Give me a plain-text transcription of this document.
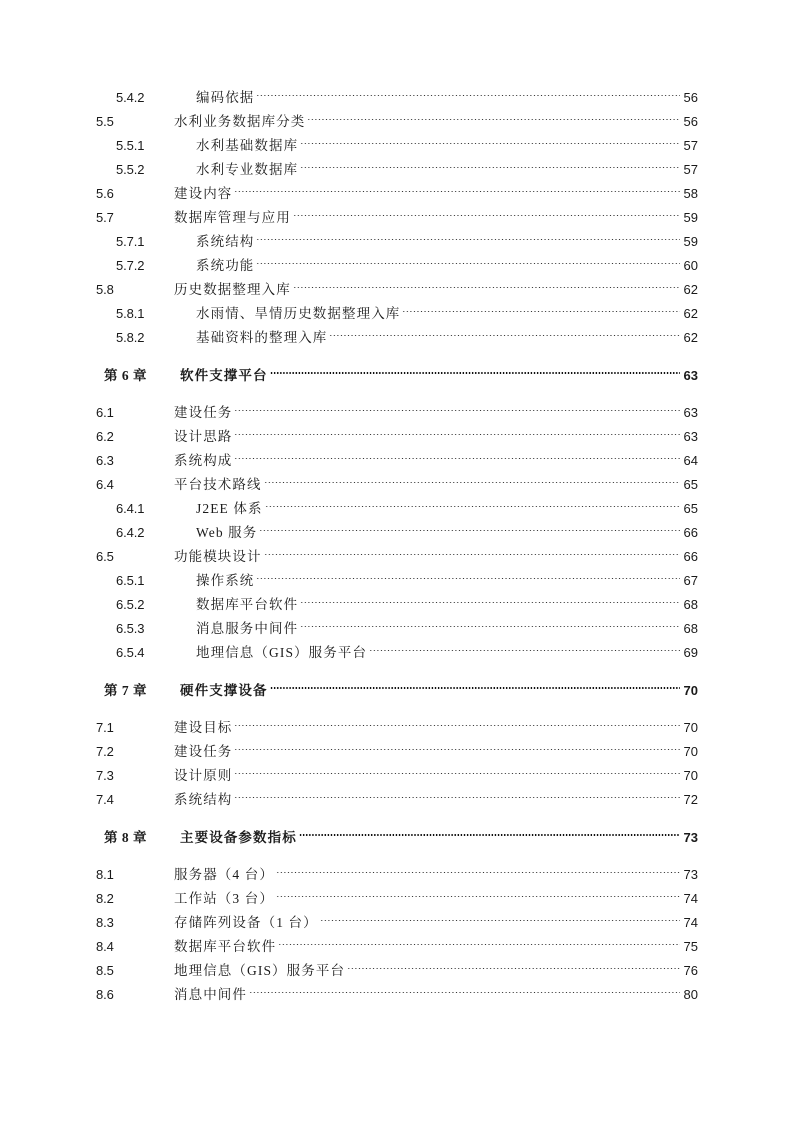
5.4.2	编码依据	56
5.5	水利业务数据库分类	56
5.5.1	水利基础数据库	57
5.5.2	水利专业数据库	57
5.6	建设内容	58
5.7	数据库管理与应用	59
5.7.1	系统结构	59
5.7.2	系统功能	60
5.8	历史数据整理入库	62
5.8.1	水雨情、旱情历史数据整理入库	62
5.8.2	基础资料的整理入库	62
第 6 章	软件支撑平台	63
6.1	建设任务	63
6.2	设计思路	63
6.3	系统构成	64
6.4	平台技术路线	65
6.4.1	J2EE 体系	65
6.4.2	Web 服务	66
6.5	功能模块设计	66
6.5.1	操作系统	67
6.5.2	数据库平台软件	68
6.5.3	消息服务中间件	68
6.5.4	地理信息（GIS）服务平台	69
第 7 章	硬件支撑设备	70
7.1	建设目标	70
7.2	建设任务	70
7.3	设计原则	70
7.4	系统结构	72
第 8 章	主要设备参数指标	73
8.1	服务器（4 台）	73
8.2	工作站（3 台）	74
8.3	存储阵列设备（1 台）	74
8.4	数据库平台软件	75
8.5	地理信息（GIS）服务平台	76
8.6	消息中间件	80
